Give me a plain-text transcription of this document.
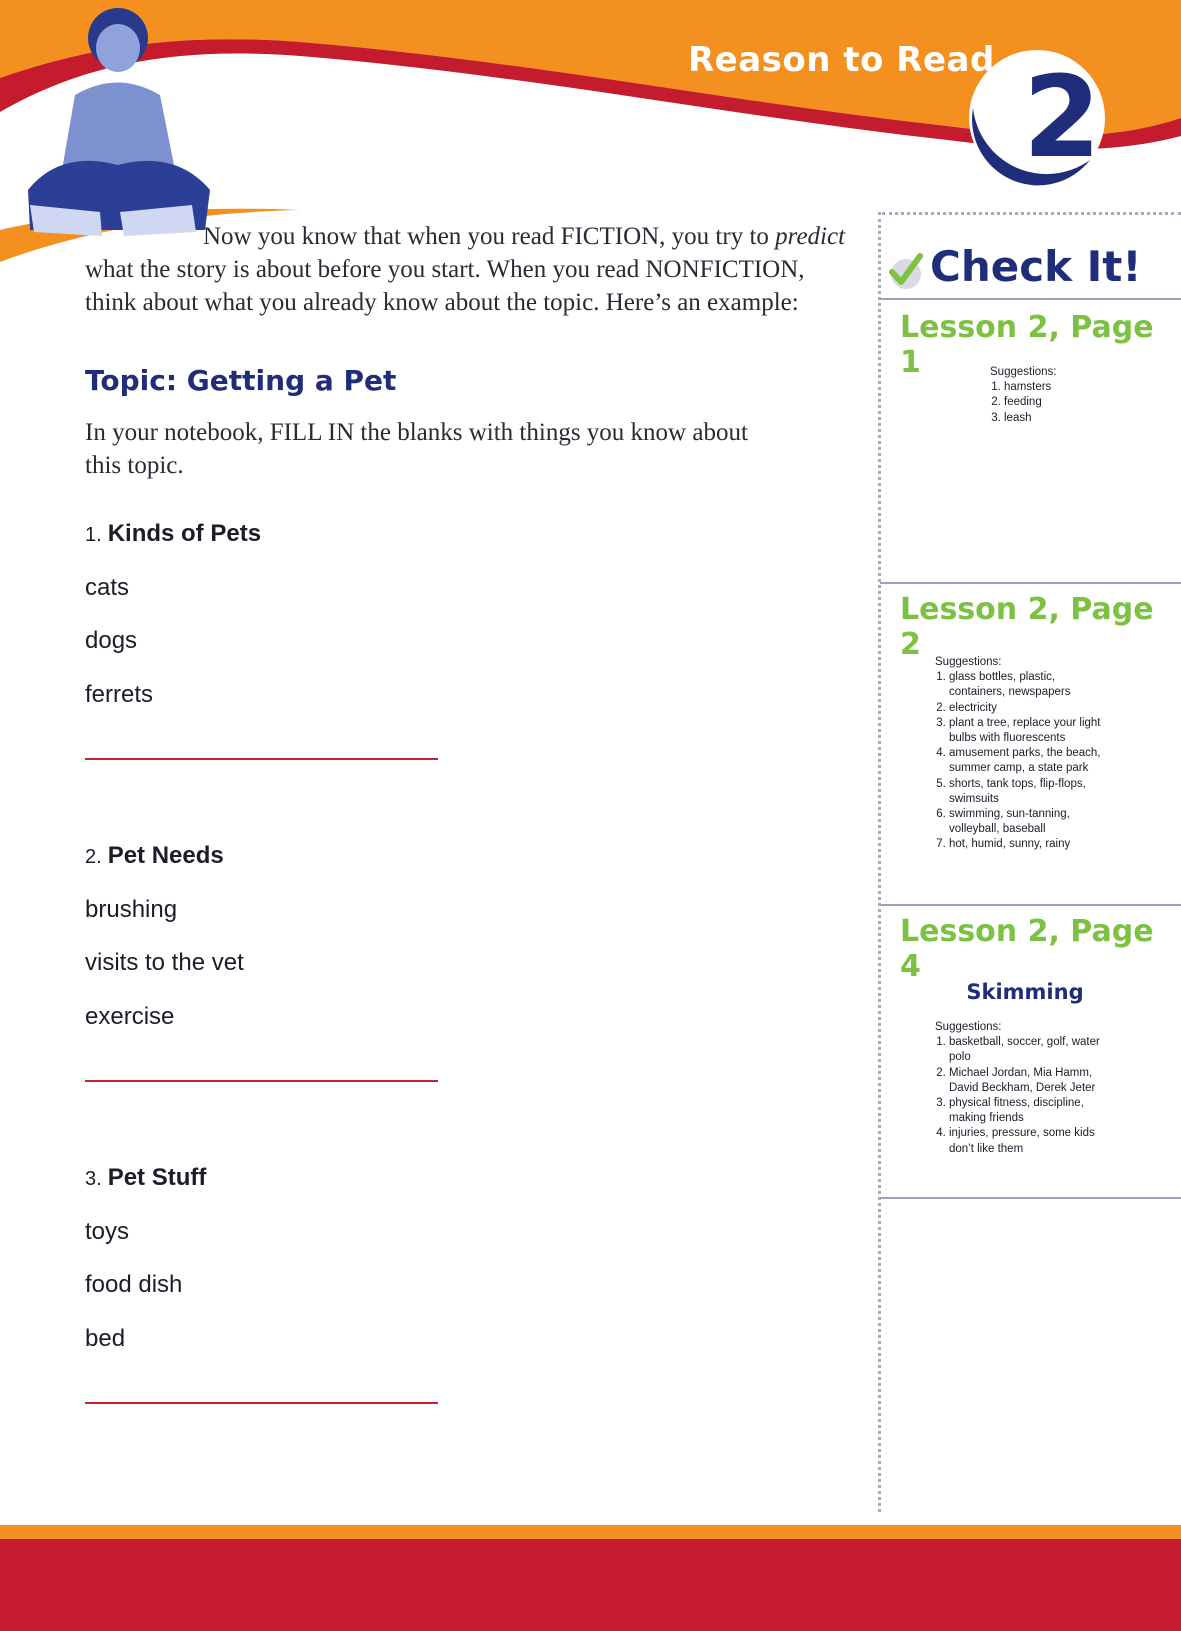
Reason to Read 2
Now you know that when you read FICTION, you try to predict what the story is about before you start. When you read NONFICTION, think about what you already know about the topic. Here’s an example:
Topic: Getting a Pet
In your notebook, FILL IN the blanks with things you know about this topic.
1. Kinds of Pets
cats
dogs
ferrets
2. Pet Needs
brushing
visits to the vet
exercise
3. Pet Stuff
toys
food dish
bed
Check It!
Lesson 2, Page 1	Suggestions:
1. hamsters
2. feeding
3. leash
Lesson 2, Page 2	Suggestions:
1. glass bottles, plastic, containers, newspapers
2. electricity
3. plant a tree, replace your light bulbs with fluorescents
4. amusement parks, the beach, summer camp, a state park
5. shorts, tank tops, flip-flops, swimsuits
6. swimming, sun-tanning, volleyball, baseball
7. hot, humid, sunny, rainy
Lesson 2, Page 4
Skimming
Suggestions:
1. basketball, soccer, golf, water polo
2. Michael Jordan, Mia Hamm, David Beckham, Derek Jeter
3. physical fitness, discipline, making friends
4. injuries, pressure, some kids don’t like them
